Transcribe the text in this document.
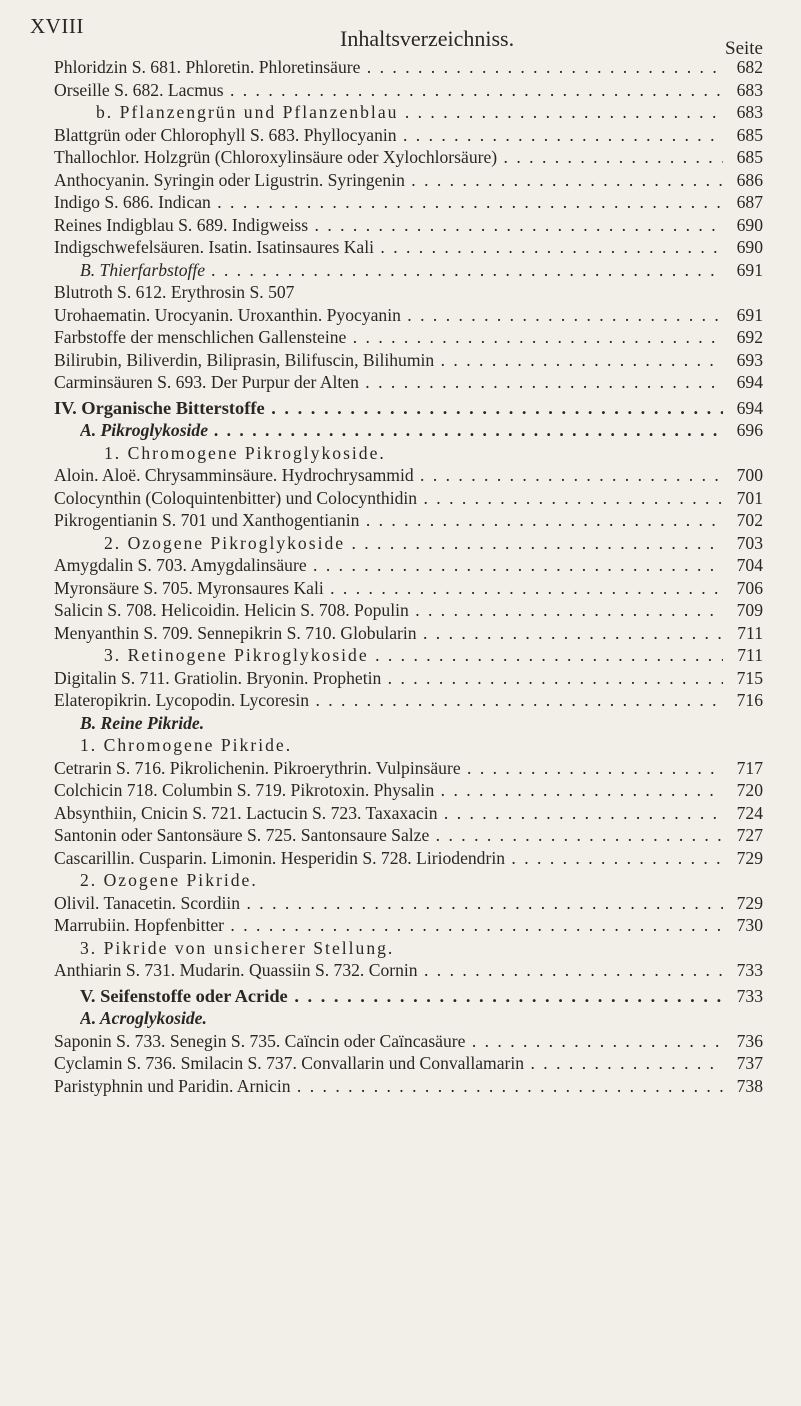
XVIII	Inhaltsverzeichniss.	Seite
Phloridzin S. 681. Phloretin. Phloretinsäure . . .	682
Orseille S. 682. Lacmus . . .	683
b. Pflanzengrün und Pflanzenblau . . .	683
Blattgrün oder Chlorophyll S. 683. Phyllocyanin . . .	685
Thallochlor. Holzgrün (Chloroxylinsäure oder Xylochlorsäure) . . .	685
Anthocyanin. Syringin oder Ligustrin. Syringenin . . .	686
Indigo S. 686. Indican . . .	687
Reines Indigblau S. 689. Indigweiss . . .	690
Indigschwefelsäuren. Isatin. Isatinsaures Kali . . .	690
B. Thierfarbstoffe . . .	691
Blutroth S. 612. Erythrosin S. 507
Urohaematin. Urocyanin. Uroxanthin. Pyocyanin . . .	691
Farbstoffe der menschlichen Gallensteine . . .	692
Bilirubin, Biliverdin, Biliprasin, Bilifuscin, Bilihumin . . .	693
Carminsäuren S. 693. Der Purpur der Alten . . .	694
IV. Organische Bitterstoffe . . .	694
A. Pikroglykoside . . .	696
1. Chromogene Pikroglykoside.
Aloin. Aloë. Chrysamminsäure. Hydrochrysammid . . .	700
Colocynthin (Coloquintenbitter) und Colocynthidin . . .	701
Pikrogentianin S. 701 und Xanthogentianin . . .	702
2. Ozogene Pikroglykoside . . .	703
Amygdalin S. 703. Amygdalinsäure . . .	704
Myronsäure S. 705. Myronsaures Kali . . .	706
Salicin S. 708. Helicoidin. Helicin S. 708. Populin . . .	709
Menyanthin S. 709. Sennepikrin S. 710. Globularin . . .	711
3. Retinogene Pikroglykoside . . .	711
Digitalin S. 711. Gratiolin. Bryonin. Prophetin . . .	715
Elateropikrin. Lycopodin. Lycoresin . . .	716
B. Reine Pikride.
1. Chromogene Pikride.
Cetrarin S. 716. Pikrolichenin. Pikroerythrin. Vulpinsäure . . .	717
Colchicin 718. Columbin S. 719. Pikrotoxin. Physalin . . .	720
Absynthiin, Cnicin S. 721. Lactucin S. 723. Taxaxacin . . .	724
Santonin oder Santonsäure S. 725. Santonsaure Salze . . .	727
Cascarillin. Cusparin. Limonin. Hesperidin S. 728. Liriodendrin . . .	729
2. Ozogene Pikride.
Olivil. Tanacetin. Scordiin . . .	729
Marrubiin. Hopfenbitter . . .	730
3. Pikride von unsicherer Stellung.
Anthiarin S. 731. Mudarin. Quassiin S. 732. Cornin . . .	733
V. Seifenstoffe oder Acride . . .	733
A. Acroglykoside.
Saponin S. 733. Senegin S. 735. Caïncin oder Caïncasäure . . .	736
Cyclamin S. 736. Smilacin S. 737. Convallarin und Convallamarin . . .	737
Paristyphnin und Paridin. Arnicin . . .	738
